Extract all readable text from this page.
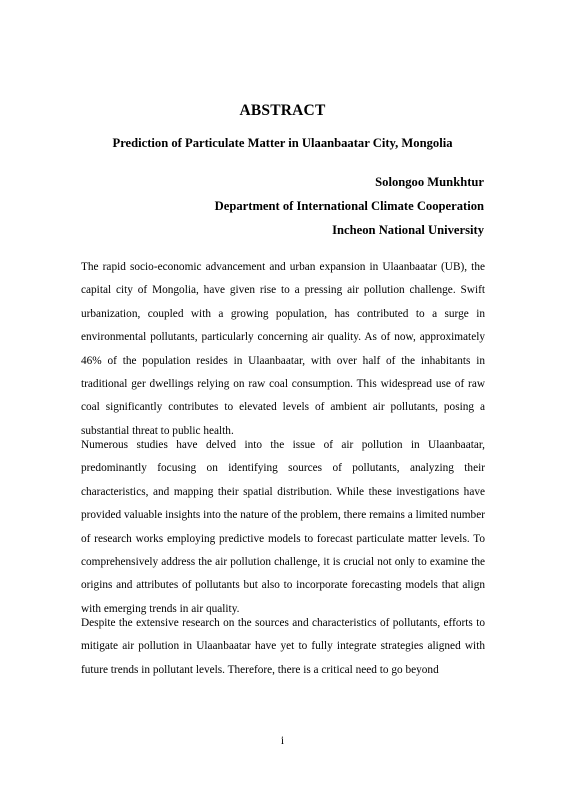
ABSTRACT
Prediction of Particulate Matter in Ulaanbaatar City, Mongolia
Solongoo Munkhtur
Department of International Climate Cooperation
Incheon National University

The rapid socio-economic advancement and urban expansion in Ulaanbaatar (UB), the capital city of Mongolia, have given rise to a pressing air pollution challenge. Swift urbanization, coupled with a growing population, has contributed to a surge in environmental pollutants, particularly concerning air quality. As of now, approximately 46% of the population resides in Ulaanbaatar, with over half of the inhabitants in traditional ger dwellings relying on raw coal consumption. This widespread use of raw coal significantly contributes to elevated levels of ambient air pollutants, posing a substantial threat to public health.

Numerous studies have delved into the issue of air pollution in Ulaanbaatar, predominantly focusing on identifying sources of pollutants, analyzing their characteristics, and mapping their spatial distribution. While these investigations have provided valuable insights into the nature of the problem, there remains a limited number of research works employing predictive models to forecast particulate matter levels. To comprehensively address the air pollution challenge, it is crucial not only to examine the origins and attributes of pollutants but also to incorporate forecasting models that align with emerging trends in air quality.

Despite the extensive research on the sources and characteristics of pollutants, efforts to mitigate air pollution in Ulaanbaatar have yet to fully integrate strategies aligned with future trends in pollutant levels. Therefore, there is a critical need to go beyond

i
